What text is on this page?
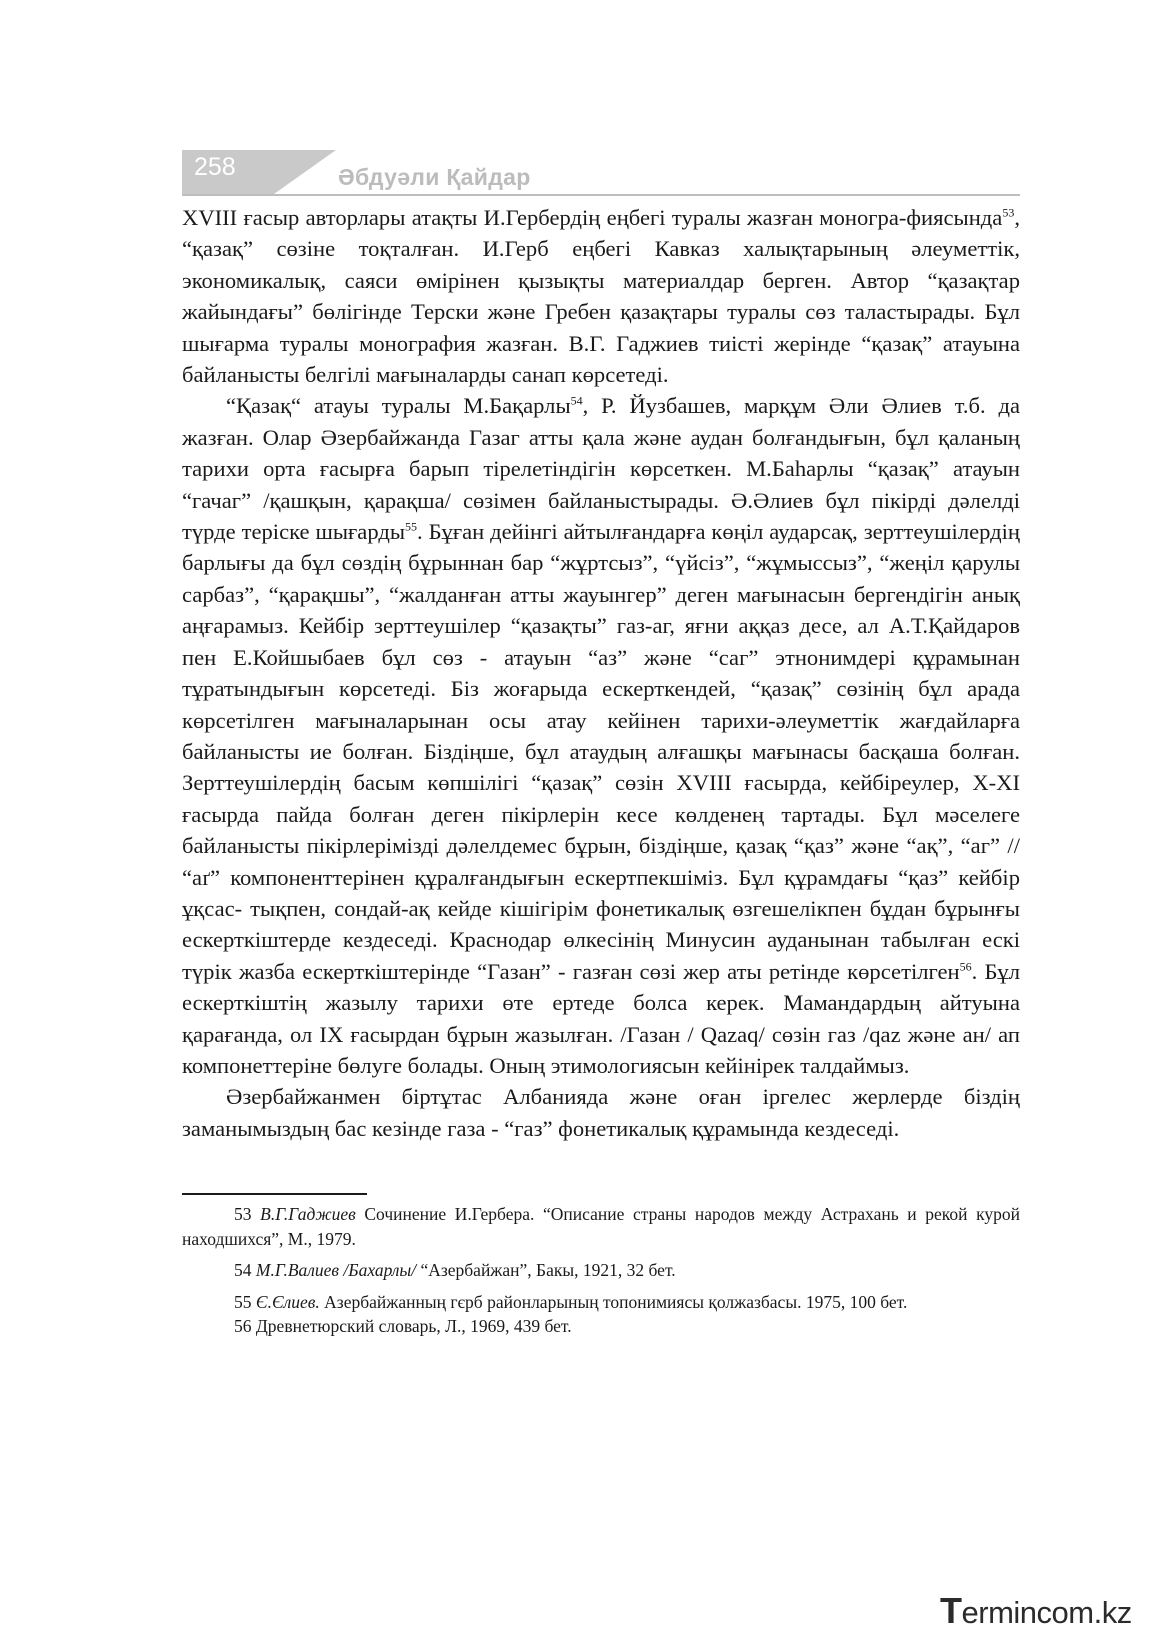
258	Әбдуәли Қайдар

XVIII ғасыр авторлары атақты И.Гербердің еңбегі туралы жазған моногра-фиясында$^{53}$, “қазақ” сөзіне тоқталған. И.Герб еңбегі Кавказ халықтарының әлеуметтік, экономикалық, саяси өмірінен қызықты материалдар берген. Автор “қазақтар жайындағы” бөлігінде Терски және Гребен қазақтары туралы сөз таластырады. Бұл шығарма туралы монография жазған. В.Г. Гаджиев тиісті жерінде “қазақ” атауына байланысты белгілі мағыналарды санап көрсетеді.

“Қазақ“ атауы туралы М.Бақарлы$^{54}$, Р. Йузбашев, марқұм Әли Әлиев т.б. да жазған. Олар Әзербайжанда Газаг атты қала және аудан болғандығын, бұл қаланың тарихи орта ғасырға барып тірелетіндігін көрсеткен. М.Баһарлы “қазақ” атауын “гачаг” /қашқын, қарақша/ сөзімен байланыстырады. Ә.Әлиев бұл пікірді дәлелді түрде теріске шығарды$^{55}$. Бұған дейінгі айтылғандарға көңіл аударсақ, зерттеушілердің барлығы да бұл сөздің бұрыннан бар “жұртсыз”, “үйсіз”, “жұмыссыз”, “жеңіл қарулы сарбаз”, “қарақшы”, “жалданған атты жауынгер” деген мағынасын бергендігін анық аңғарамыз. Кейбір зерттеушілер “қазақты” газ-аг, яғни аққаз десе, ал А.Т.Қайдаров пен Е.Койшыбаев бұл сөз - атауын “аз” және “саг” этнонимдері құрамынан тұратындығын көрсетеді. Біз жоғарыда ескерткендей, “қазақ” сөзінің бұл арада көрсетілген мағыналарынан осы атау кейінен тарихи-әлеуметтік жағдайларға байланысты ие болған. Біздіңше, бұл атаудың алғашқы мағынасы басқаша болған. Зерттеушілердің басым көпшілігі “қазақ” сөзін XVIII ғасырда, кейбіреулер, X-XI ғасырда пайда болған деген пікірлерін кесе көлденең тартады. Бұл мәселеге байланысты пікірлерімізді дәлелдемес бұрын, біздіңше, қазақ “қаз” және “ақ”, “аг” // “аґ” компоненттерінен құралғандығын ескертпекшіміз. Бұл құрамдағы “қаз” кейбір ұқсас- тықпен, сондай-ақ кейде кішігірім фонетикалық өзгешелікпен бұдан бұрынғы ескерткіштерде кездеседі. Краснодар өлкесінің Минусин ауданынан табылған ескі түрік жазба ескерткіштерінде “Газан” - газған сөзі жер аты ретінде көрсетілген$^{56}$. Бұл ескерткіштің жазылу тарихи өте ертеде болса керек. Мамандардың айтуына қарағанда, ол IX ғасырдан бұрын жазылған. /Газан / Qazaq/ сөзін газ /qaz және ан/ ап компонеттеріне бөлуге болады. Оның этимологиясын кейінірек талдаймыз.

Әзербайжанмен біртұтас Албанияда және оған іргелес жерлерде біздің заманымыздың бас кезінде газа - “газ” фонетикалық құрамында кездеседі.

53 В.Г.Гаджиев Сочинение И.Гербера. “Описание страны народов между Астрахань и рекой курой находшихся”, М., 1979.

54 М.Г.Валиев /Бахарлы/ “Азербайжан”, Бакы, 1921, 32 бет.

55 Є.Єлиев. Азербайжанның гєрб районларының топонимиясы қолжазбасы. 1975, 100 бет.

56 Древнетюрский словарь, Л., 1969, 439 бет.

Termincom.kz
